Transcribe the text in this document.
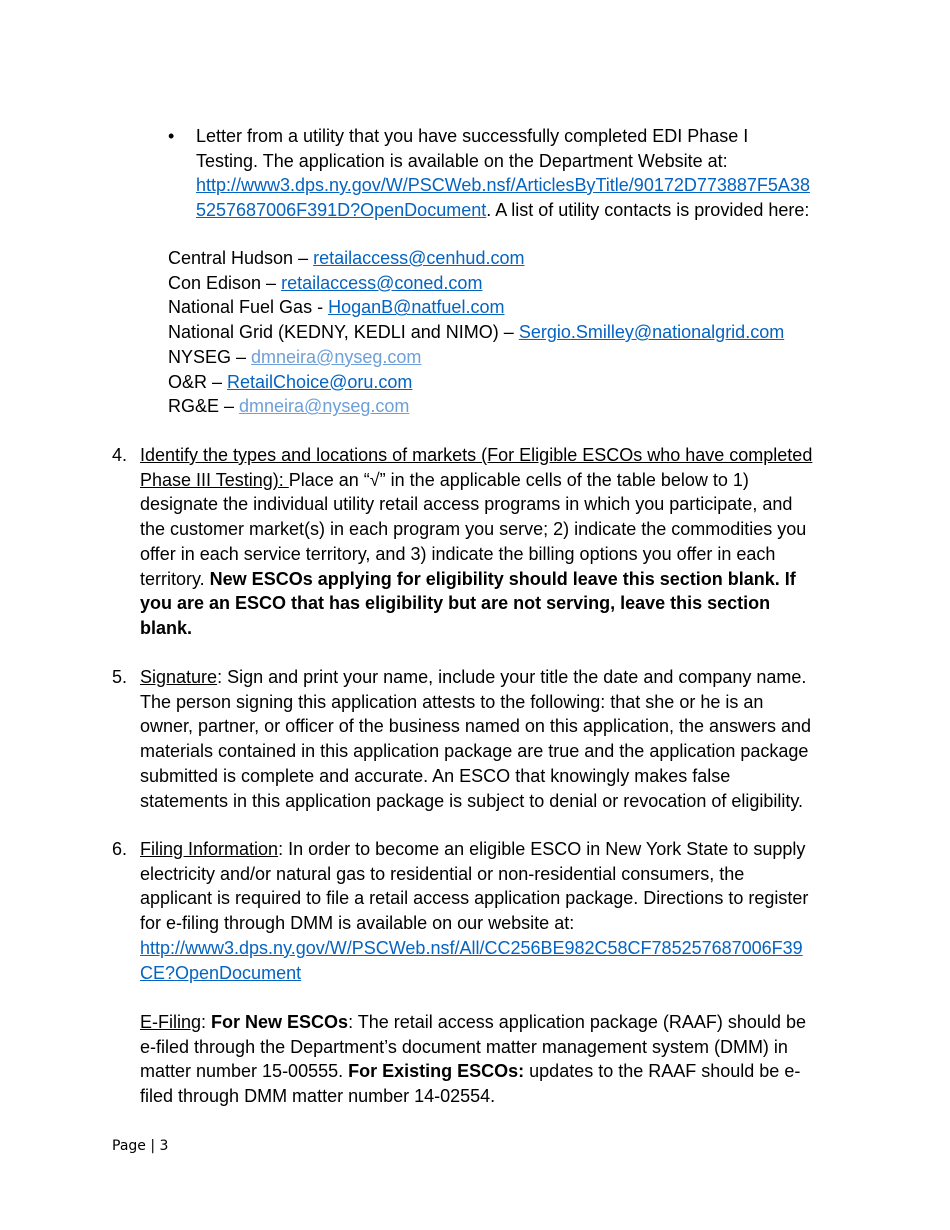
• Letter from a utility that you have successfully completed EDI Phase I
Testing. The application is available on the Department Website at:
http://www3.dps.ny.gov/W/PSCWeb.nsf/ArticlesByTitle/90172D773887F5A38
5257687006F391D?OpenDocument. A list of utility contacts is provided here:
Central Hudson – retailaccess@cenhud.com
Con Edison – retailaccess@coned.com
National Fuel Gas - HoganB@natfuel.com
National Grid (KEDNY, KEDLI and NIMO) – Sergio.Smilley@nationalgrid.com
NYSEG – dmneira@nyseg.com
O&R – RetailChoice@oru.com
RG&E – dmneira@nyseg.com
4. Identify the types and locations of markets (For Eligible ESCOs who have completed
Phase III Testing): Place an “√” in the applicable cells of the table below to 1)
designate the individual utility retail access programs in which you participate, and
the customer market(s) in each program you serve; 2) indicate the commodities you
offer in each service territory, and 3) indicate the billing options you offer in each
territory. New ESCOs applying for eligibility should leave this section blank. If
you are an ESCO that has eligibility but are not serving, leave this section
blank.
5. Signature: Sign and print your name, include your title the date and company name.
The person signing this application attests to the following: that she or he is an
owner, partner, or officer of the business named on this application, the answers and
materials contained in this application package are true and the application package
submitted is complete and accurate. An ESCO that knowingly makes false
statements in this application package is subject to denial or revocation of eligibility.
6. Filing Information: In order to become an eligible ESCO in New York State to supply
electricity and/or natural gas to residential or non-residential consumers, the
applicant is required to file a retail access application package. Directions to register
for e-filing through DMM is available on our website at:
http://www3.dps.ny.gov/W/PSCWeb.nsf/All/CC256BE982C58CF785257687006F39
CE?OpenDocument
E-Filing: For New ESCOs: The retail access application package (RAAF) should be
e-filed through the Department’s document matter management system (DMM) in
matter number 15-00555. For Existing ESCOs: updates to the RAAF should be e-
filed through DMM matter number 14-02554.
Page | 3
